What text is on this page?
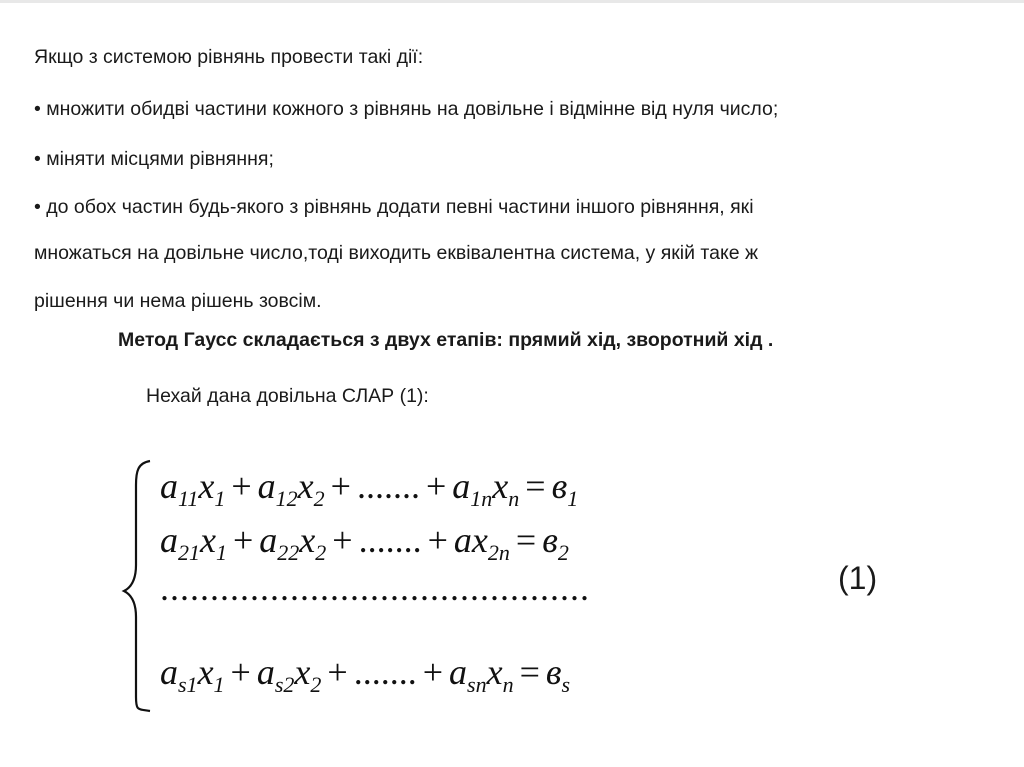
Якщо з системою рівнянь провести такі дії:
• множити обидві частини кожного з рівнянь на довільне і відмінне від нуля число;
• міняти місцями рівняння;
• до обох частин будь-якого з рівнянь додати певні частини іншого рівняння, які
множаться на довільне число,тоді виходить еквівалентна система, у якій таке ж
рішення чи нема рішень зовсім.
Метод Гаусс складається з двух етапів: прямий хід, зворотний хід .
Нехай дана довільна СЛАР (1):
$a_{11}x_1 + a_{12}x_2$ + ....... + $a_{1n}x_n = в_1$
$a_{21}x_1 + a_{22}x_2$ + ....... + $ax_{2n} = в_2$
...........................................
$a_{s1}x_1 + a_{s2}x_2$ + ....... + $a_{sn}x_n = в_s$
(1)
